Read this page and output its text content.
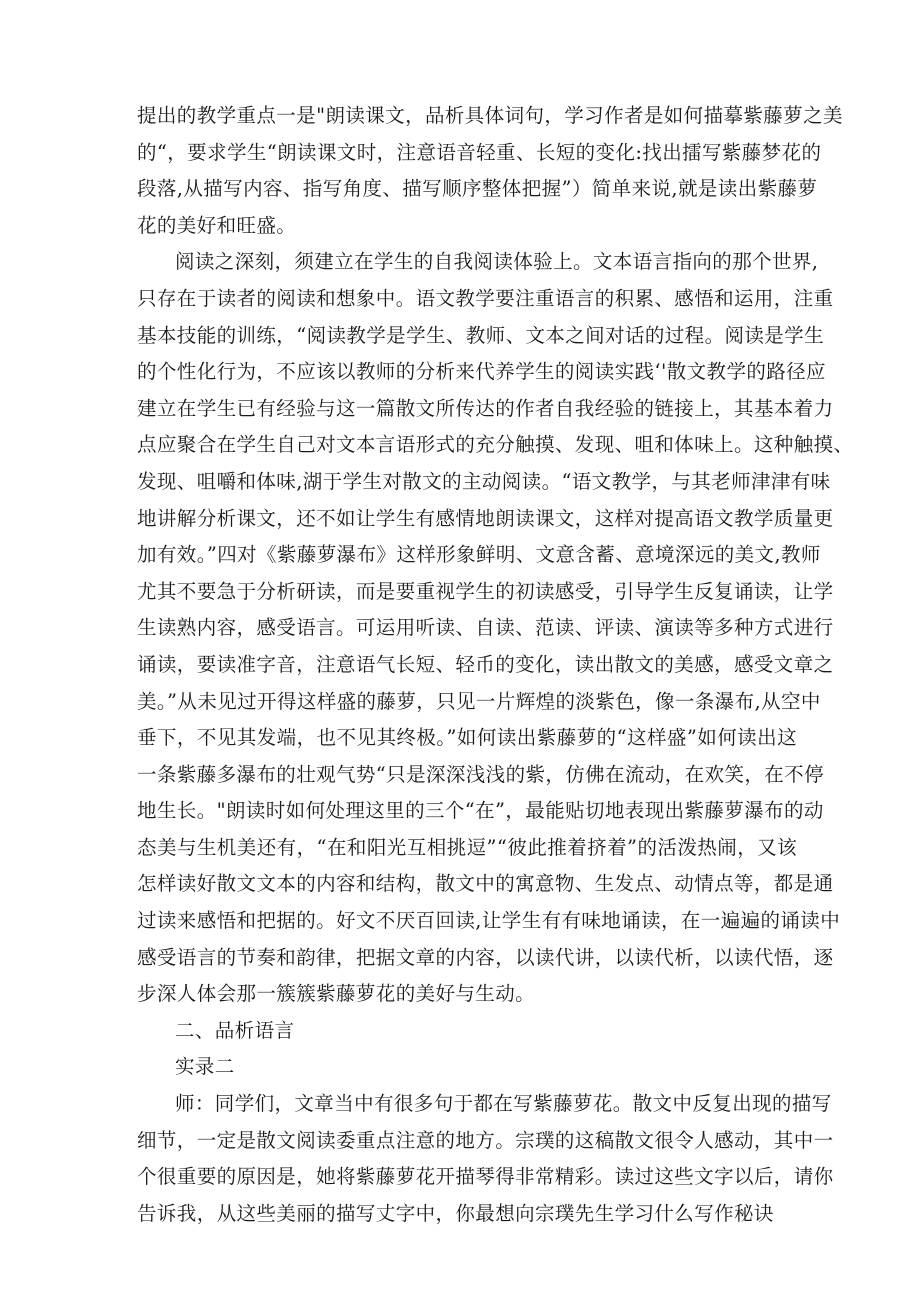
提出的教学重点一是"朗读课文，品析具体词句，学习作者是如何描摹紫藤萝之美
的“，要求学生“朗读课文时，注意语音轻重、长短的变化:找出擂写紫藤梦花的
段落,从描写内容、指写角度、描写顺序整体把握”）简单来说,就是读出紫藤萝
花的美好和旺盛。
阅读之深刻，须建立在学生的自我阅读体验上。文本语言指向的那个世界,
只存在于读者的阅读和想象中。语文教学要注重语言的积累、感悟和运用，注重
基本技能的训练，“阅读教学是学生、教师、文本之间对话的过程。阅读是学生
的个性化行为，不应该以教师的分析来代养学生的阅读实践‘'散文教学的路径应
建立在学生已有经验与这一篇散文所传达的作者自我经验的链接上，其基本着力
点应聚合在学生自己对文本言语形式的充分触摸、发现、咀和体味上。这种触摸、
发现、咀嚼和体味,湖于学生对散文的主动阅读。“语文教学，与其老师津津有味
地讲解分析课文，还不如让学生有感情地朗读课文，这样对提高语文教学质量更
加有效。”四对《紫藤萝瀑布》这样形象鲜明、文意含蓄、意境深远的美文,教师
尤其不要急于分析研读，而是要重视学生的初读感受，引导学生反复诵读，让学
生读熟内容，感受语言。可运用听读、自读、范读、评读、演读等多种方式进行
诵读，要读准字音，注意语气长短、轻币的变化，读出散文的美感，感受文章之
美。”从未见过开得这样盛的藤萝，只见一片辉煌的淡紫色，像一条瀑布,从空中
垂下，不见其发端，也不见其终极。”如何读出紫藤萝的“这样盛”如何读出这
一条紫藤多瀑布的壮观气势“只是深深浅浅的紫，仿佛在流动，在欢笑，在不停
地生长。"朗读时如何处理这里的三个“在”，最能贴切地表现出紫藤萝瀑布的动
态美与生机美还有，“在和阳光互相挑逗”“彼此推着挤着”的活泼热闹，又该
怎样读好散文文本的内容和结构，散文中的寓意物、生发点、动情点等，都是通
过读来感悟和把据的。好文不厌百回读,让学生有有味地诵读，在一遍遍的诵读中
感受语言的节奏和韵律，把据文章的内容，以读代讲，以读代析，以读代悟，逐
步深人体会那一簇簇紫藤萝花的美好与生动。
二、品析语言
实录二
师：同学们，文章当中有很多句于都在写紫藤萝花。散文中反复出现的描写
细节，一定是散文阅读委重点注意的地方。宗璞的这稿散文很令人感动，其中一
个很重要的原因是，她将紫藤萝花开描琴得非常精彩。读过这些文字以后，请你
告诉我，从这些美丽的描写丈字中，你最想向宗璞先生学习什么写作秘诀
